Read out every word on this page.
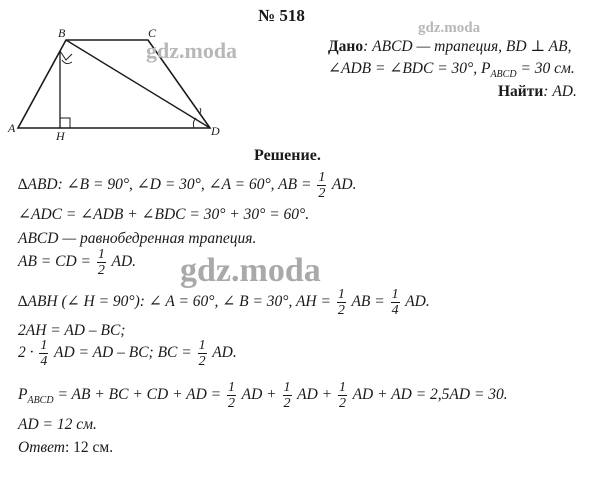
№ 518
gdz.moda
B	C
A
H	D
gdz.moda	Дано: ABCD — трапеция, BD ⊥ AB,
∠ADB = ∠BDC = 30°, $P_{ABCD} = 30$ см.
Найти: AD.
Решение.
∆ABD: ∠B = 90°, ∠D = 30°, ∠A = 60°, AB = $\frac{1}{2}$ AD.
∠ADC = ∠ADB + ∠BDC = 30° + 30° = 60°.
ABCD — равнобедренная трапеция.
AB = CD = $\frac{1}{2}$ AD. gdz.moda
∆ABH (∠ H = 90°): ∠ A = 60°, ∠ B = 30°, AH = $\frac{1}{2}$ AB = $\frac{1}{4}$ AD.
2AH = AD – BC;
$2 \cdot \frac{1}{4}$ AD = AD – BC; BC = $\frac{1}{2}$ AD.
$P_{ABCD}$ = AB + BC + CD + AD = $\frac{1}{2}$ AD + $\frac{1}{2}$ AD + $\frac{1}{2}$ AD + AD = 2,5AD = 30.
AD = 12 см.
Ответ: 12 см.
